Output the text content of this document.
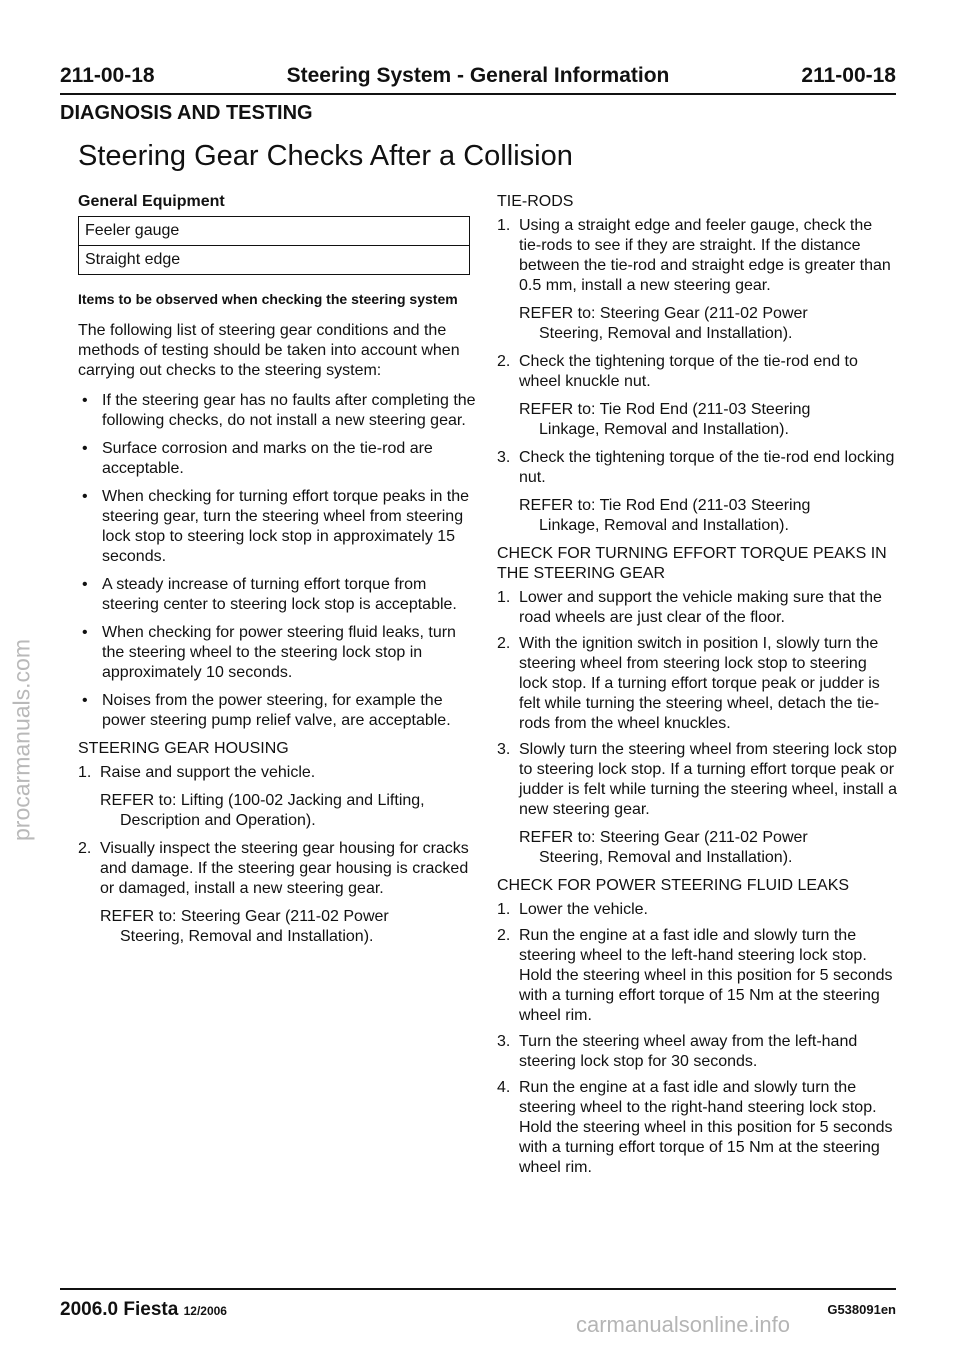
211-00-18	Steering System - General Information	211-00-18
DIAGNOSIS AND TESTING
Steering Gear Checks After a Collision
General Equipment
Feeler gauge
Straight edge
Items to be observed when checking the steering system

The following list of steering gear conditions and the methods of testing should be taken into account when carrying out checks to the steering system:

• If the steering gear has no faults after completing the following checks, do not install a new steering gear.
• Surface corrosion and marks on the tie-rod are acceptable.
• When checking for turning effort torque peaks in the steering gear, turn the steering wheel from steering lock stop to steering lock stop in approximately 15 seconds.
• A steady increase of turning effort torque from steering center to steering lock stop is acceptable.
• When checking for power steering fluid leaks, turn the steering wheel to the steering lock stop in approximately 10 seconds.
• Noises from the power steering, for example the power steering pump relief valve, are acceptable.
STEERING GEAR HOUSING
1. Raise and support the vehicle.
REFER to: Lifting (100-02 Jacking and Lifting,
Description and Operation).
2. Visually inspect the steering gear housing for cracks and damage. If the steering gear housing is cracked or damaged, install a new steering gear.
REFER to: Steering Gear (211-02 Power
Steering, Removal and Installation).
TIE-RODS
1. Using a straight edge and feeler gauge, check the tie-rods to see if they are straight. If the distance between the tie-rod and straight edge is greater than 0.5 mm, install a new steering gear.
REFER to: Steering Gear (211-02 Power
Steering, Removal and Installation).
2. Check the tightening torque of the tie-rod end to wheel knuckle nut.
REFER to: Tie Rod End (211-03 Steering
Linkage, Removal and Installation).
3. Check the tightening torque of the tie-rod end locking nut.
REFER to: Tie Rod End (211-03 Steering
Linkage, Removal and Installation).
CHECK FOR TURNING EFFORT TORQUE PEAKS IN THE STEERING GEAR
1. Lower and support the vehicle making sure that the road wheels are just clear of the floor.
2. With the ignition switch in position I, slowly turn the steering wheel from steering lock stop to steering lock stop. If a turning effort torque peak or judder is felt while turning the steering wheel, detach the tie-rods from the wheel knuckles.
3. Slowly turn the steering wheel from steering lock stop to steering lock stop. If a turning effort torque peak or judder is felt while turning the steering wheel, install a new steering gear.
REFER to: Steering Gear (211-02 Power
Steering, Removal and Installation).
CHECK FOR POWER STEERING FLUID LEAKS
1. Lower the vehicle.
2. Run the engine at a fast idle and slowly turn the steering wheel to the left-hand steering lock stop. Hold the steering wheel in this position for 5 seconds with a turning effort torque of 15 Nm at the steering wheel rim.
3. Turn the steering wheel away from the left-hand steering lock stop for 30 seconds.
4. Run the engine at a fast idle and slowly turn the steering wheel to the right-hand steering lock stop. Hold the steering wheel in this position for 5 seconds with a turning effort torque of 15 Nm at the steering wheel rim.
2006.0 Fiesta 12/2006	G538091en
procarmanuals.com
carmanualsonline.info
